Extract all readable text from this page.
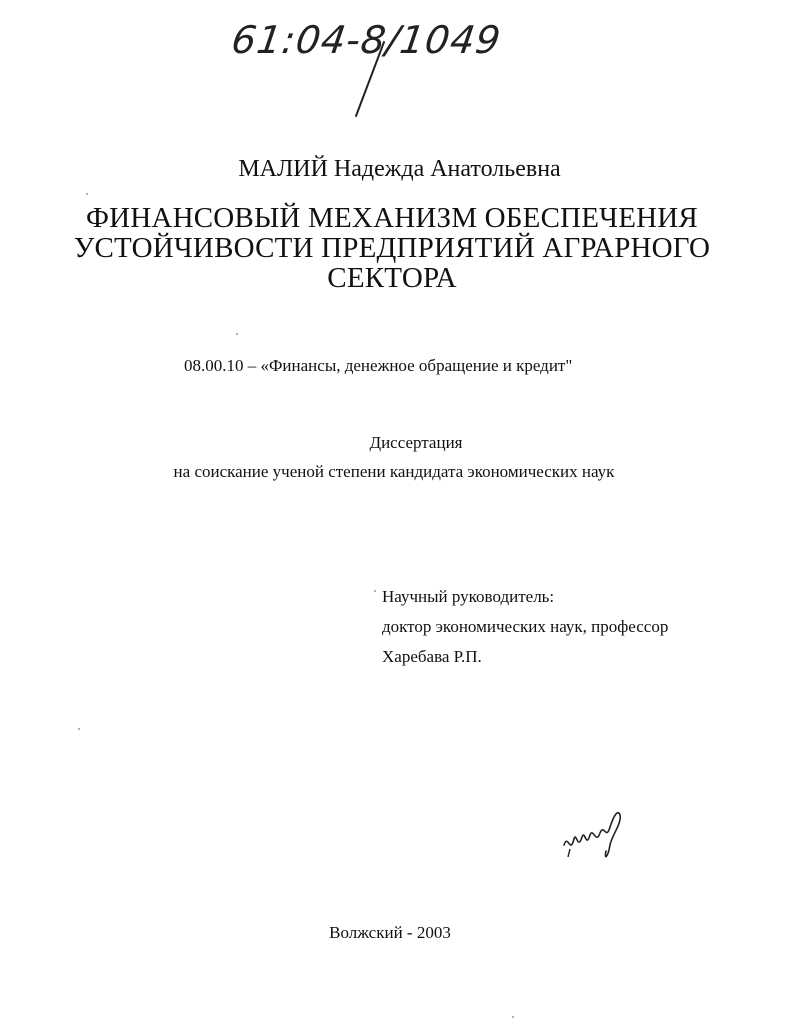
61:04-8/1049
МАЛИЙ Надежда Анатольевна
ФИНАНСОВЫЙ МЕХАНИЗМ ОБЕСПЕЧЕНИЯ
УСТОЙЧИВОСТИ ПРЕДПРИЯТИЙ АГРАРНОГО
СЕКТОРА
08.00.10 – «Финансы, денежное обращение и кредит"
Диссертация
на соискание ученой степени кандидата экономических наук
Научный руководитель:
доктор экономических наук, профессор
Харебава Р.П.
Волжский - 2003
